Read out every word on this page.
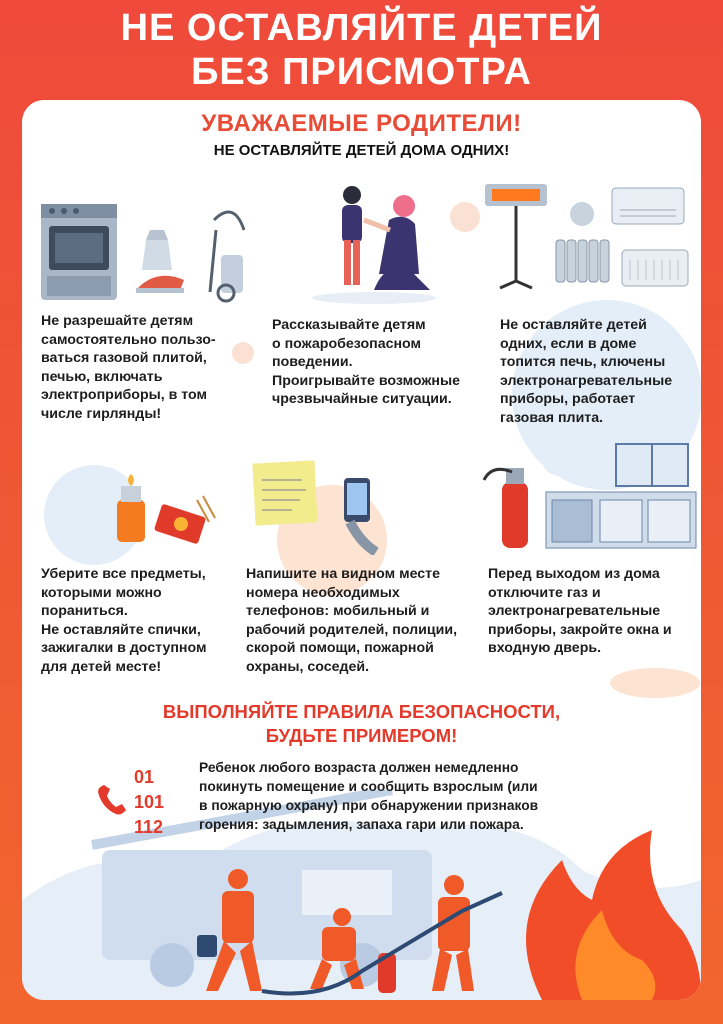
НЕ ОСТАВЛЯЙТЕ ДЕТЕЙ
БЕЗ ПРИСМОТРА
УВАЖАЕМЫЕ РОДИТЕЛИ!
НЕ ОСТАВЛЯЙТЕ ДЕТЕЙ ДОМА ОДНИХ!
Не разрешайте детям
самостоятельно пользо-
ваться газовой плитой,
печью, включать
электроприборы, в том
числе гирлянды!
Рассказывайте детям
о пожаробезопасном
поведении.
Проигрывайте возможные
чрезвычайные ситуации.
Не оставляйте детей
одних, если в доме
топится печь, ключены
электронагревательные
приборы, работает
газовая плита.
Уберите все предметы,
которыми можно
пораниться.
Не оставляйте спички,
зажигалки в доступном
для детей месте!
Напишите на видном месте
номера необходимых
телефонов: мобильный и
рабочий родителей, полиции,
скорой помощи, пожарной
охраны, соседей.
Перед выходом из дома
отключите газ и
электронагревательные
приборы, закройте окна и
входную дверь.
ВЫПОЛНЯЙТЕ ПРАВИЛА БЕЗОПАСНОСТИ,
БУДЬТЕ ПРИМЕРОМ!
01
101
112
Ребенок любого возраста должен немедленно
покинуть помещение и сообщить взрослым (или
в пожарную охрану) при обнаружении признаков
горения: задымления, запаха гари или пожара.
